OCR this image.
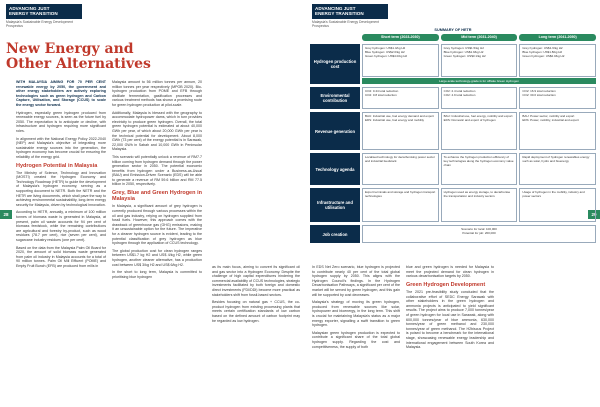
ADVANCING JUST
ENERGY TRANSITION
Malaysia's Sustainable Energy Development
Prospectus
New Energy and
Other Alternatives
28

WITH MALAYSIA AIMING FOR 70 PER CENT renewable energy by 2050, the government and other energy stakeholders are actively exploring technologies such as green hydrogen and Carbon Capture, Utilisation, and Storage (CCUS) to scale the energy sector forward.

Hydrogen, especially green hydrogen produced from renewable energy sources, is seen as the future fuel by 2050. The expectation is to anticipate or decline, with infrastructure and hydrogen requiring more significant roles.

In alignment with the National Energy Policy 2022-2040 (NEP) and Malaysia's objective of integrating more sustainable energy sources into the generation, the hydrogen economy has become crucial for ensuring the reliability of the energy grid.

Hydrogen Potential in Malaysia

The Ministry of Science, Technology and Innovation (MOSTI) created the Hydrogen Economy and Technology Roadmap (HETR) to guide the development of Malaysia's hydrogen economy, serving as a supporting document to NETR. Both the NETR and the HETR are living documents, which shall pave the way to achieving environmental sustainability, long-term energy security for Malaysia, driven by technological innovation.

According to HETR, annually, a minimum of 100 million tonnes of biomass waste is generated in Malaysia, at present, palm oil waste accounts for 94 per cent of biomass feedstock, while the remaining contributions are agricultural and forestry by-product, such as wood residues (78.7 per cent), rice (seven per cent), and sugarcane industry residues (one per cent).

Based on the data from the Malaysia Palm Oil Board for 2020, the amount of solid biomass waste generated from palm oil industry in Malaysia accounts for a total of 90 million tonnes. Palm Oil Mill Effluent (POME) and Empty Fruit Bunch (EFB) are produced from mills in

Malaysia amount to 56 million tonnes per annum, 20 million tonnes per year respectively (MPOB 2020). Bio-hydrogen production from POME and EFB through distillate fermentation, gasification processes and various treatment methods has shown a promising route for green hydrogen production at pilot-scale.

Additionally, Malaysia is blessed with the geography to accommodate hydropower dams, which in turn provides electricity to produce green hydrogen. Overall, the total green hydrogen potential is estimated at about 40,000 GWh per year, of which about 20,000 GWh per year is the technical potential for development. About 8,000 GWh (73 per cent) of the energy potential is in Sarawak, 22,000 GWh in Sabah and 10,000 GWh in Peninsular Malaysia.

This scenario will potentially unlock a revenue of RM7.7 billion coming from hydrogen demand through the power generation sector in 2050. The potential economic benefits from hydrogen under a Business-as-Usual (BAU) and Emission-Driven Scenario (EDS) will be able to generate a revenue of RM 59.6 billion and RM 77.5 billion in 2050, respectively.

Grey, Blue and Green Hydrogen in Malaysia

In Malaysia, a significant amount of grey hydrogen is currently produced through various processes within the oil and gas industry, relying on hydrogen supplied from fossil fuels. However, this approach comes with the drawback of greenhouse gas (GHG) emissions, making it an unsustainable option for the future. The imperative for a cleaner hydrogen source is evident, leading to the potential classification of grey hydrogen as blue hydrogen through the application of CCUS technology.

The global production cost for clean hydrogen ranges between US$1.7 kg H2 and US$ 4/kg H2, while green hydrogen, another cleaner alternative, has a production cost between US$ 3/kg H2 and US$ 6/kg H2.

In the short to long term, Malaysia is committed to prioritising blue hydrogen

ADVANCING JUST
ENERGY TRANSITION
Malaysia's Sustainable Energy Development
Prospectus
29
SUMMARY OF HETR
Short term (2023-2030)	Mid term (2031-2040)	Long term (2041-2050)
Hydrogen production cost
Grey hydrogen: US$1.4/kg H2
Blue hydrogen: US$2.0/kg H2
Green hydrogen: US$4.0/kg H2
Grey hydrogen: US$1.5/kg H2
Blue hydrogen: US$1.9/kg H2
Green hydrogen: US$3.1/kg H2
Grey hydrogen: US$1.6/kg H2
Blue hydrogen: US$1.8/kg H2
Green hydrogen: US$2.0/kg H2
Large-scale technology-grade is for offtake Green Hydrogen
Environmental contribution
CO2: 0.44 total reduction
CO2: 0.8 total reduction
CO2: 2.4 total reduction
CO2: 4.9 total reduction
CO2: 16.9 total reduction
CO2: 30.0 total reduction
Revenue generation
BAU: Industrial use, fuel energy demand and export
EDS: Industrial use, fuel energy and mobility
BAU: Industrial use, fuel energy, mobility and export
EDS: Domestic and export of hydrogen
BAU: Power sector, mobility and export
EDS: Power, mobility, industrial and export
Technology agenda
Localised technology for decarbonising power sector and industrial feedstock
To enhance the hydrogen production efficiency of key technologies along the hydrogen economy value chain
Rapid deployment of hydrogen renewables energy such as solar, hydro and bioenergy
Infrastructure and utilisation
Export terminals and storage and hydrogen transport technologies
Hydrogen used as energy storage, to decarbonise the transportation and industry sectors
Usage of hydrogen in the mobility, industry and power sectors
Job creation
Scenario for local: 100,000
Potential for job: 200,000

as its main focus, aiming to convert its significant oil and gas sector into a Hydrogen Economy. Despite the challenge of high capital expenditures hindering the commercial availability of CCUS technologies, strategic investments facilitated by both foreign and domestic direct investments (FDI/DDI) become more practical as stakeholders shift from fossil-based sectors.

Besides focusing on natural gas + CCUS, the co-product hydrogen from existing processing plants that meets certain certification standards of low carbon based on the defined amount of carbon footprint may be regarded as low hydrogen.

In EDS Net Zero scenario, blue hydrogen is projected to contribute nearly 40 per cent of the total global hydrogen supply by 2050. This aligns with the Hydrogen Council's findings. In the Hydrogen Decarbonisation Pathways, a significant per cent of the market will be served by green hydrogen, and this gain will be supported by cost decreases.

Malaysia's strategy of moving its green hydrogen, produced from renewable sources like solar, hydropower and bioenergy, in the long term. This shift is crucial for maintaining Malaysia's status as a major energy exporter, signalling a swift transition to green hydrogen.

Malaysian green hydrogen production is expected to contribute a significant share of the total global hydrogen supply. Regarding the cost and competitiveness, the supply of both

blue and green hydrogen is needed for Malaysia to meet the projected demand for clean hydrogen in various decarbonisation targets by 2050.

Green Hydrogen Development

The 2021 pre-feasibility study concluded that the collaborative effort of SEDC Energy Sarawak with other stakeholders in the green hydrogen and ammonia projects is anticipated to yield significant results. The project aims to produce 7,000 tonnes/year of green hydrogen for local use in Sarawak, along with 600,000 tonnes/year of blue ammonia, 630,000 tonnes/year of green methanol and 230,000 tonnes/year of green methanol. The H2biscus Project is poised to become a benchmark for the international stage, showcasing renewable energy leadership and international engagement between South Korea and Malaysia.
